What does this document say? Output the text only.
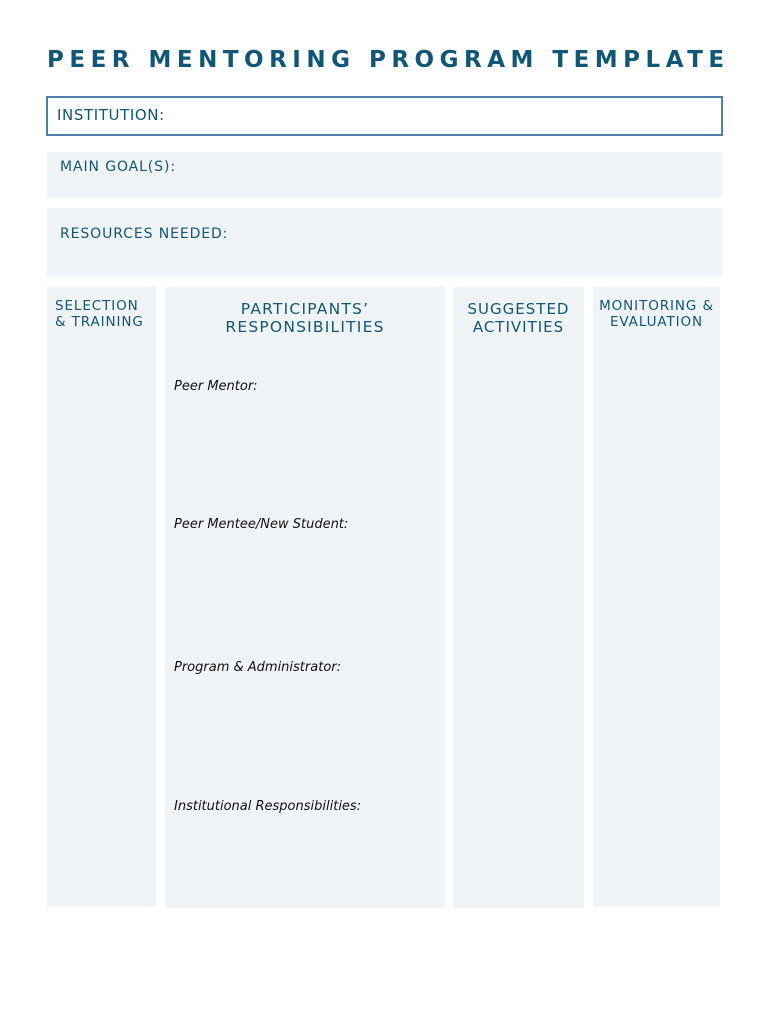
PEER MENTORING PROGRAM TEMPLATE
INSTITUTION:
MAIN GOAL(S):
RESOURCES NEEDED:
SELECTION
& TRAINING
PARTICIPANTS’
RESPONSIBILITIES
Peer Mentor:
Peer Mentee/New Student:
Program & Administrator:
Institutional Responsibilities:
SUGGESTED
ACTIVITIES
MONITORING &
EVALUATION
